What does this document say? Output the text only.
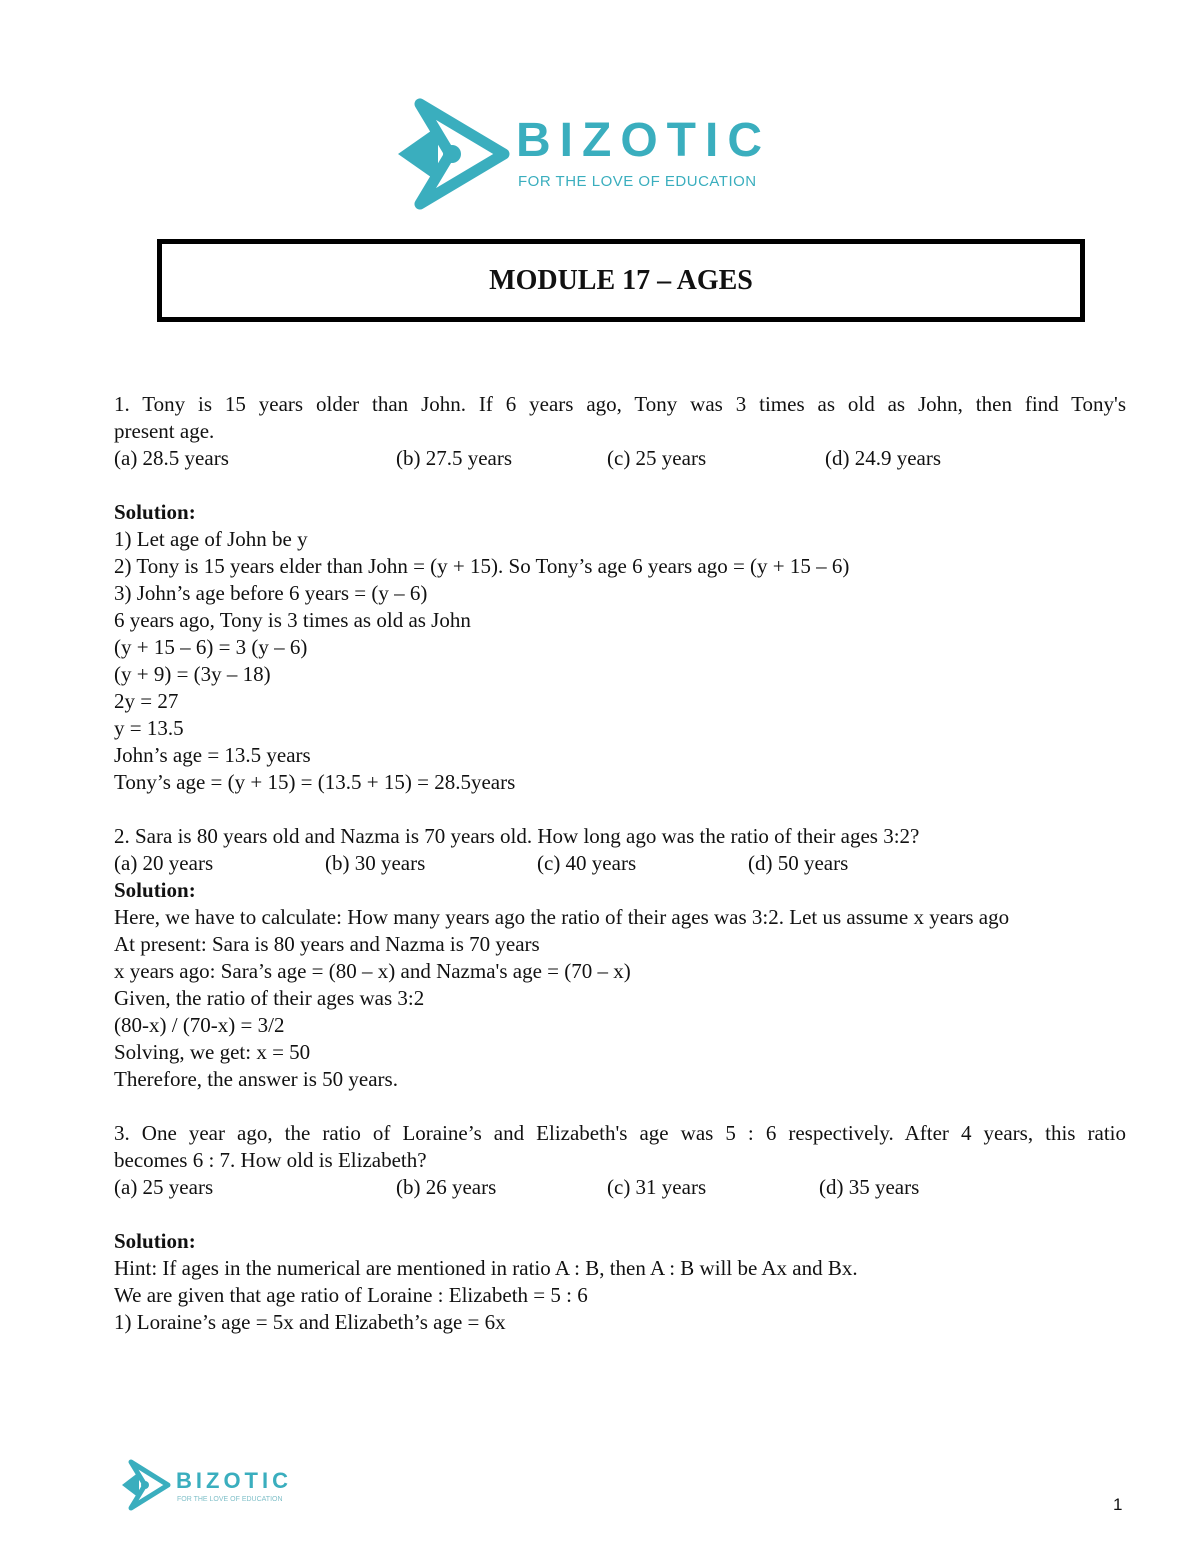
BIZOTIC
FOR THE LOVE OF EDUCATION
MODULE 17 – AGES
1. Tony is 15 years older than John. If 6 years ago, Tony was 3 times as old as John, then find Tony's
present age.
(a) 28.5 years	(b) 27.5 years	(c) 25 years	(d) 24.9 years
Solution:
1) Let age of John be y
2) Tony is 15 years elder than John = (y + 15). So Tony’s age 6 years ago = (y + 15 – 6)
3) John’s age before 6 years = (y – 6)
6 years ago, Tony is 3 times as old as John
(y + 15 – 6) = 3 (y – 6)
(y + 9) = (3y – 18)
2y = 27
y = 13.5
John’s age = 13.5 years
Tony’s age = (y + 15) = (13.5 + 15) = 28.5years
2. Sara is 80 years old and Nazma is 70 years old. How long ago was the ratio of their ages 3:2?
(a) 20 years	(b) 30 years	(c) 40 years	(d) 50 years
Solution:
Here, we have to calculate: How many years ago the ratio of their ages was 3:2. Let us assume x years ago
At present: Sara is 80 years and Nazma is 70 years
x years ago: Sara’s age = (80 – x) and Nazma's age = (70 – x)
Given, the ratio of their ages was 3:2
(80-x) / (70-x) = 3/2
Solving, we get: x = 50
Therefore, the answer is 50 years.
3. One year ago, the ratio of Loraine’s and Elizabeth's age was 5 : 6 respectively. After 4 years, this ratio
becomes 6 : 7. How old is Elizabeth?
(a) 25 years	(b) 26 years	(c) 31 years	(d) 35 years
Solution:
Hint: If ages in the numerical are mentioned in ratio A : B, then A : B will be Ax and Bx.
We are given that age ratio of Loraine : Elizabeth = 5 : 6
1) Loraine’s age = 5x and Elizabeth’s age = 6x
BIZOTIC
FOR THE LOVE OF EDUCATION	1
